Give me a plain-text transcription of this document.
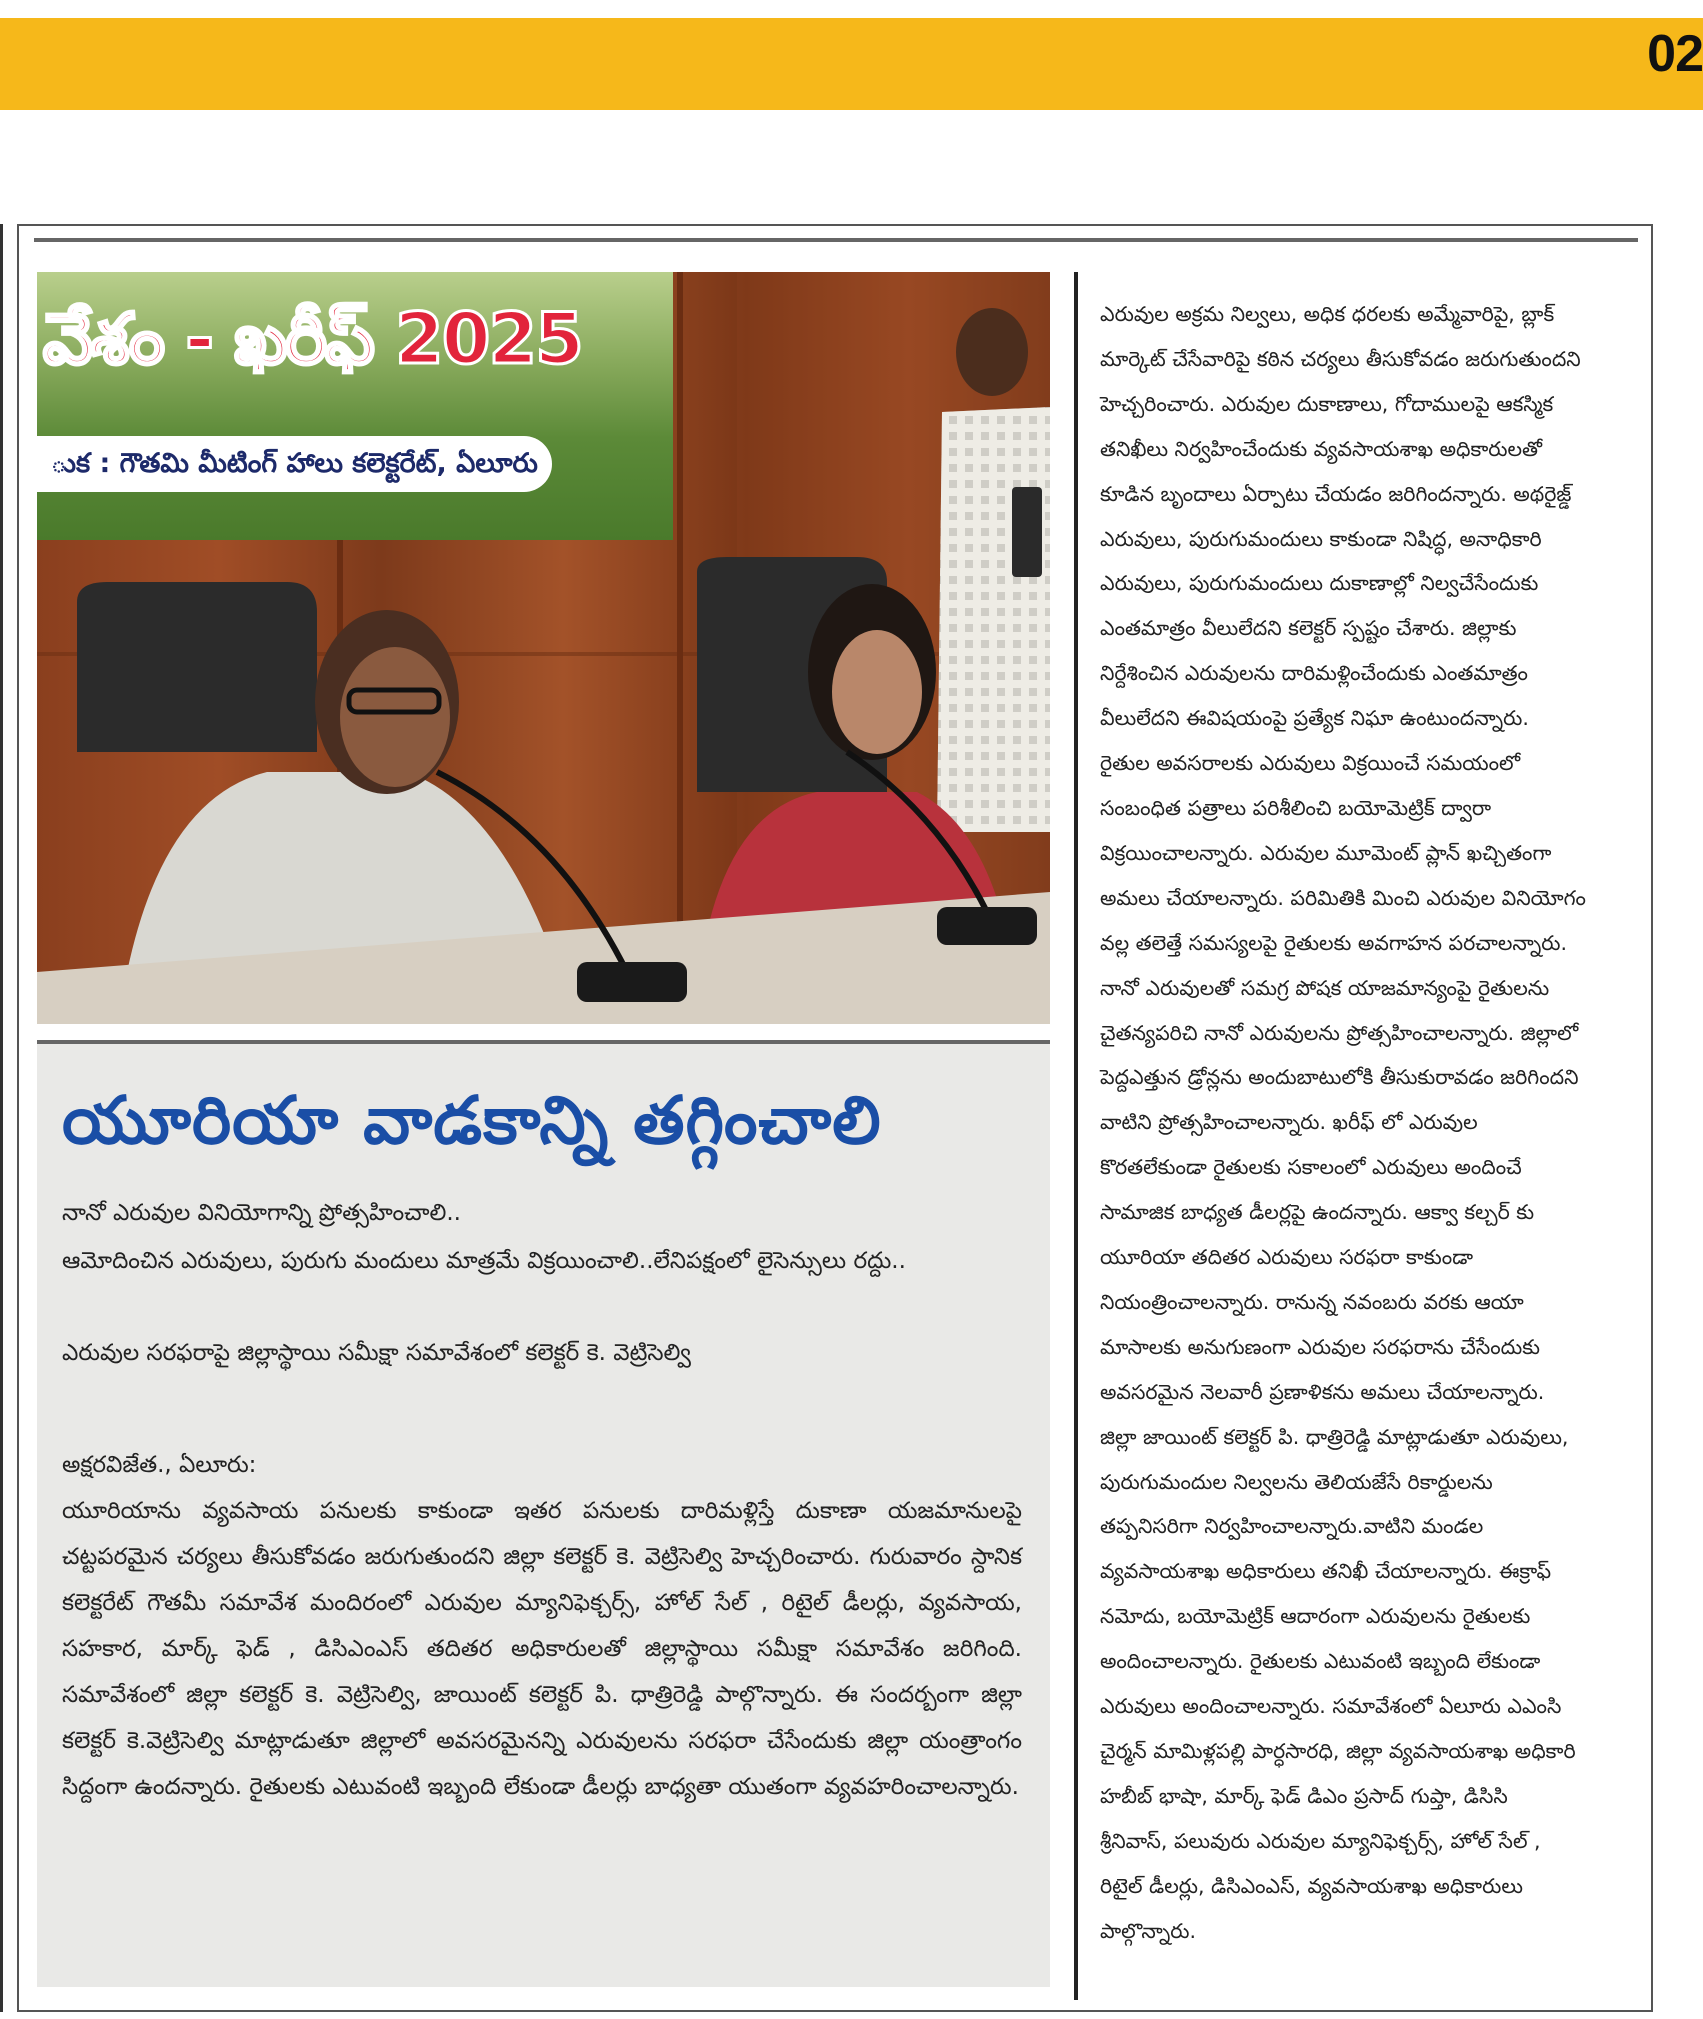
02
వేశం - ఖరీఫ్ 2025
ుక : గౌతమి మీటింగ్ హాలు కలెక్టరేట్, ఏలూరు
యూరియా వాడకాన్ని తగ్గించాలి
నానో ఎరువుల వినియోగాన్ని ప్రోత్సహించాలి..
ఆమోదించిన ఎరువులు, పురుగు మందులు మాత్రమే విక్రయించాలి..లేనిపక్షంలో లైసెన్సులు రద్దు..
ఎరువుల సరఫరాపై జిల్లాస్థాయి సమీక్షా సమావేశంలో కలెక్టర్ కె. వెట్రిసెల్వి

అక్షరవిజేత., ఏలూరు:

యూరియాను వ్యవసాయ పనులకు కాకుండా ఇతర పనులకు దారిమళ్లిస్తే దుకాణా యజమానులపై చట్టపరమైన చర్యలు తీసుకోవడం జరుగుతుందని జిల్లా కలెక్టర్ కె. వెట్రిసెల్వి హెచ్చరించారు. గురువారం స్దానిక కలెక్టరేట్ గౌతమీ సమావేశ మందిరంలో ఎరువుల మ్యానిఫెక్చర్స్, హోల్ సేల్ , రిటైల్ డీలర్లు, వ్యవసాయ, సహకార, మార్క్ ఫెడ్ , డిసిఎంఎస్ తదితర అధికారులతో జిల్లాస్థాయి సమీక్షా సమావేశం జరిగింది. సమావేశంలో జిల్లా కలెక్టర్ కె. వెట్రిసెల్వి, జాయింట్ కలెక్టర్ పి. ధాత్రిరెడ్డి పాల్గొన్నారు. ఈ సందర్బంగా జిల్లా కలెక్టర్ కె.వెట్రిసెల్వి మాట్లాడుతూ జిల్లాలో అవసరమైనన్ని ఎరువులను సరఫరా చేసేందుకు జిల్లా యంత్రాంగం సిద్దంగా ఉందన్నారు. రైతులకు ఎటువంటి ఇబ్బంది లేకుండా డీలర్లు బాధ్యతా యుతంగా వ్యవహరించాలన్నారు.

ఎరువుల అక్రమ నిల్వలు, అధిక ధరలకు అమ్మేవారిపై, బ్లాక్

మార్కెట్ చేసేవారిపై కఠిన చర్యలు తీసుకోవడం జరుగుతుందని

హెచ్చరించారు. ఎరువుల దుకాణాలు, గోదాములపై ఆకస్మిక

తనిఖీలు నిర్వహించేందుకు వ్యవసాయశాఖ అధికారులతో

కూడిన బృందాలు ఏర్పాటు చేయడం జరిగిందన్నారు. అథరైజ్డ్

ఎరువులు, పురుగుమందులు కాకుండా నిషిద్ధ, అనాధికారి

ఎరువులు, పురుగుమందులు దుకాణాల్లో నిల్వచేసేందుకు

ఎంతమాత్రం వీలులేదని కలెక్టర్ స్పష్టం చేశారు. జిల్లాకు

నిర్దేశించిన ఎరువులను దారిమళ్లించేందుకు ఎంతమాత్రం

వీలులేదని ఈవిషయంపై ప్రత్యేక నిఘా ఉంటుందన్నారు.

రైతుల అవసరాలకు ఎరువులు విక్రయించే సమయంలో

సంబంధిత పత్రాలు పరిశీలించి బయోమెట్రిక్ ద్వారా

విక్రయించాలన్నారు. ఎరువుల మూమెంట్ ప్లాన్ ఖచ్చితంగా

అమలు చేయాలన్నారు. పరిమితికి మించి ఎరువుల వినియోగం

వల్ల తలెత్తే సమస్యలపై రైతులకు అవగాహన పరచాలన్నారు.

నానో ఎరువులతో సమగ్ర పోషక యాజమాన్యంపై రైతులను

చైతన్యపరిచి నానో ఎరువులను ప్రోత్సహించాలన్నారు. జిల్లాలో

పెద్దఎత్తున డ్రోన్లను అందుబాటులోకి తీసుకురావడం జరిగిందని

వాటిని ప్రోత్సహించాలన్నారు. ఖరీఫ్ లో ఎరువుల

కొరతలేకుండా రైతులకు సకాలంలో ఎరువులు అందించే

సామాజిక బాధ్యత డీలర్లపై ఉందన్నారు. ఆక్వా కల్చర్ కు

యూరియా తదితర ఎరువులు సరఫరా కాకుండా

నియంత్రించాలన్నారు. రానున్న నవంబరు వరకు ఆయా

మాసాలకు అనుగుణంగా ఎరువుల సరఫరాను చేసేందుకు

అవసరమైన నెలవారీ ప్రణాళికను అమలు చేయాలన్నారు.

జిల్లా జాయింట్ కలెక్టర్ పి. ధాత్రిరెడ్డి మాట్లాడుతూ ఎరువులు,

పురుగుమందుల నిల్వలను తెలియజేసే రికార్డులను

తప్పనిసరిగా నిర్వహించాలన్నారు.వాటిని మండల

వ్యవసాయశాఖ అధికారులు తనిఖీ చేయాలన్నారు. ఈక్రాఫ్

నమోదు, బయోమెట్రిక్ ఆదారంగా ఎరువులను రైతులకు

అందించాలన్నారు. రైతులకు ఎటువంటి ఇబ్బంది లేకుండా

ఎరువులు అందించాలన్నారు. సమావేశంలో ఏలూరు ఎఎంసి

చైర్మన్ మామిళ్లపల్లి పార్ధసారధి, జిల్లా వ్యవసాయశాఖ అధికారి

హబీబ్ భాషా, మార్క్ ఫెడ్ డిఎం ప్రసాద్ గుప్తా, డిసిసి

శ్రీనివాస్, పలువురు ఎరువుల మ్యానిఫెక్చర్స్, హోల్ సేల్ ,

రిటైల్ డీలర్లు, డిసిఎంఎస్, వ్యవసాయశాఖ అధికారులు

పాల్గొన్నారు.
